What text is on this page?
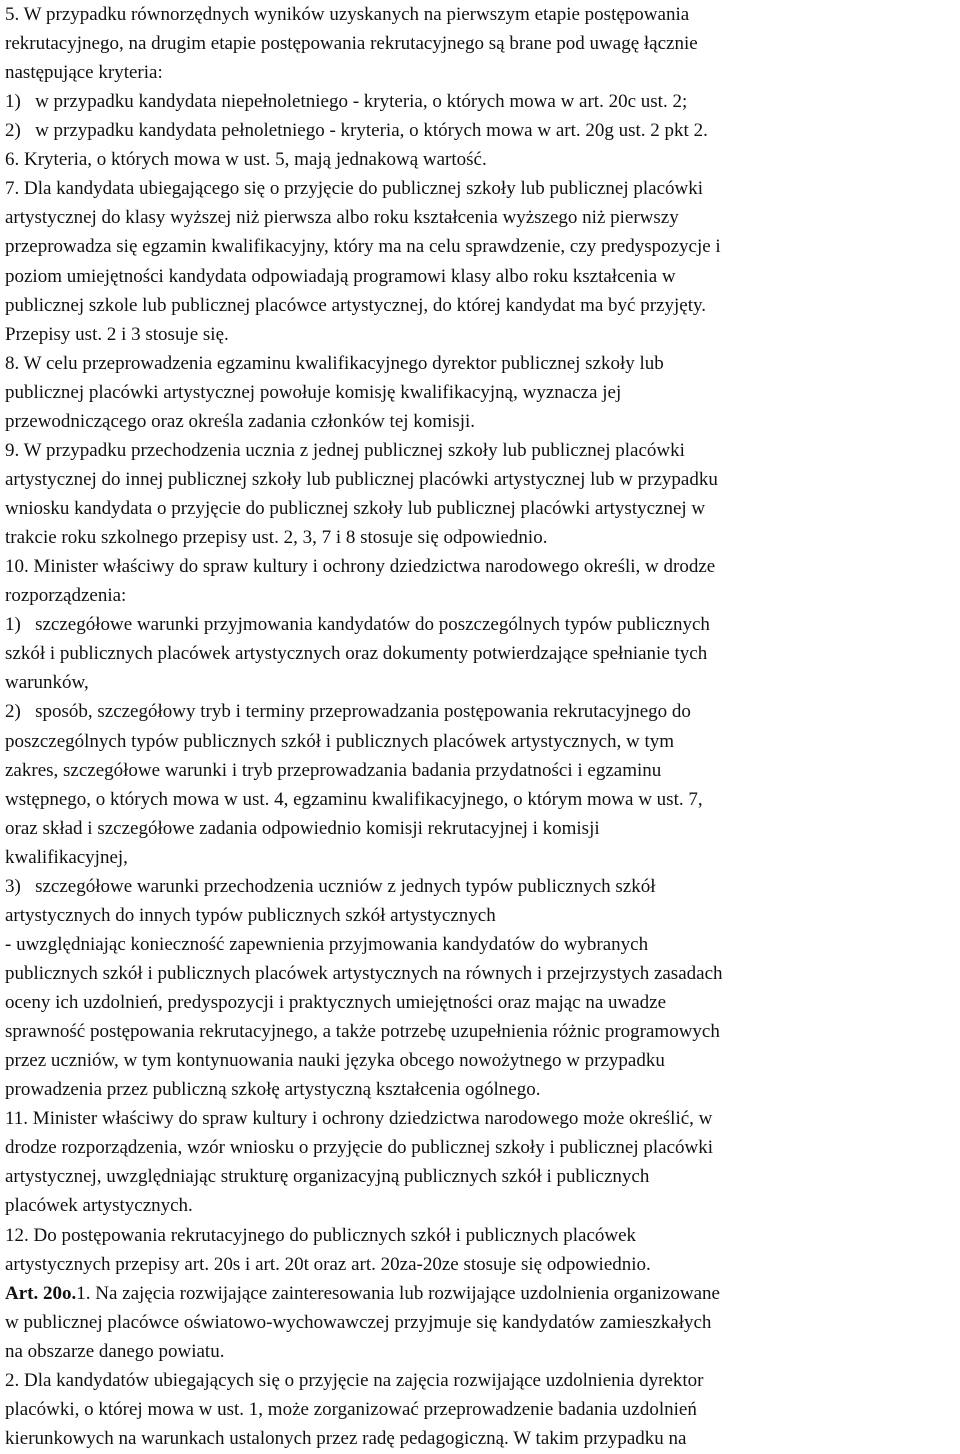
5. W przypadku równorzędnych wyników uzyskanych na pierwszym etapie postępowania
rekrutacyjnego, na drugim etapie postępowania rekrutacyjnego są brane pod uwagę łącznie
następujące kryteria:
1)   w przypadku kandydata niepełnoletniego - kryteria, o których mowa w art. 20c ust. 2;
2)   w przypadku kandydata pełnoletniego - kryteria, o których mowa w art. 20g ust. 2 pkt 2.
6. Kryteria, o których mowa w ust. 5, mają jednakową wartość.
7. Dla kandydata ubiegającego się o przyjęcie do publicznej szkoły lub publicznej placówki
artystycznej do klasy wyższej niż pierwsza albo roku kształcenia wyższego niż pierwszy
przeprowadza się egzamin kwalifikacyjny, który ma na celu sprawdzenie, czy predyspozycje i
poziom umiejętności kandydata odpowiadają programowi klasy albo roku kształcenia w
publicznej szkole lub publicznej placówce artystycznej, do której kandydat ma być przyjęty.
Przepisy ust. 2 i 3 stosuje się.
8. W celu przeprowadzenia egzaminu kwalifikacyjnego dyrektor publicznej szkoły lub
publicznej placówki artystycznej powołuje komisję kwalifikacyjną, wyznacza jej
przewodniczącego oraz określa zadania członków tej komisji.
9. W przypadku przechodzenia ucznia z jednej publicznej szkoły lub publicznej placówki
artystycznej do innej publicznej szkoły lub publicznej placówki artystycznej lub w przypadku
wniosku kandydata o przyjęcie do publicznej szkoły lub publicznej placówki artystycznej w
trakcie roku szkolnego przepisy ust. 2, 3, 7 i 8 stosuje się odpowiednio.
10. Minister właściwy do spraw kultury i ochrony dziedzictwa narodowego określi, w drodze
rozporządzenia:
1)   szczegółowe warunki przyjmowania kandydatów do poszczególnych typów publicznych
szkół i publicznych placówek artystycznych oraz dokumenty potwierdzające spełnianie tych
warunków,
2)   sposób, szczegółowy tryb i terminy przeprowadzania postępowania rekrutacyjnego do
poszczególnych typów publicznych szkół i publicznych placówek artystycznych, w tym
zakres, szczegółowe warunki i tryb przeprowadzania badania przydatności i egzaminu
wstępnego, o których mowa w ust. 4, egzaminu kwalifikacyjnego, o którym mowa w ust. 7,
oraz skład i szczegółowe zadania odpowiednio komisji rekrutacyjnej i komisji
kwalifikacyjnej,
3)   szczegółowe warunki przechodzenia uczniów z jednych typów publicznych szkół
artystycznych do innych typów publicznych szkół artystycznych
- uwzględniając konieczność zapewnienia przyjmowania kandydatów do wybranych
publicznych szkół i publicznych placówek artystycznych na równych i przejrzystych zasadach
oceny ich uzdolnień, predyspozycji i praktycznych umiejętności oraz mając na uwadze
sprawność postępowania rekrutacyjnego, a także potrzebę uzupełnienia różnic programowych
przez uczniów, w tym kontynuowania nauki języka obcego nowożytnego w przypadku
prowadzenia przez publiczną szkołę artystyczną kształcenia ogólnego.
11. Minister właściwy do spraw kultury i ochrony dziedzictwa narodowego może określić, w
drodze rozporządzenia, wzór wniosku o przyjęcie do publicznej szkoły i publicznej placówki
artystycznej, uwzględniając strukturę organizacyjną publicznych szkół i publicznych
placówek artystycznych.
12. Do postępowania rekrutacyjnego do publicznych szkół i publicznych placówek
artystycznych przepisy art. 20s i art. 20t oraz art. 20za-20ze stosuje się odpowiednio.
Art. 20o.1. Na zajęcia rozwijające zainteresowania lub rozwijające uzdolnienia organizowane
w publicznej placówce oświatowo-wychowawczej przyjmuje się kandydatów zamieszkałych
na obszarze danego powiatu.
2. Dla kandydatów ubiegających się o przyjęcie na zajęcia rozwijające uzdolnienia dyrektor
placówki, o której mowa w ust. 1, może zorganizować przeprowadzenie badania uzdolnień
kierunkowych na warunkach ustalonych przez radę pedagogiczną. W takim przypadku na
